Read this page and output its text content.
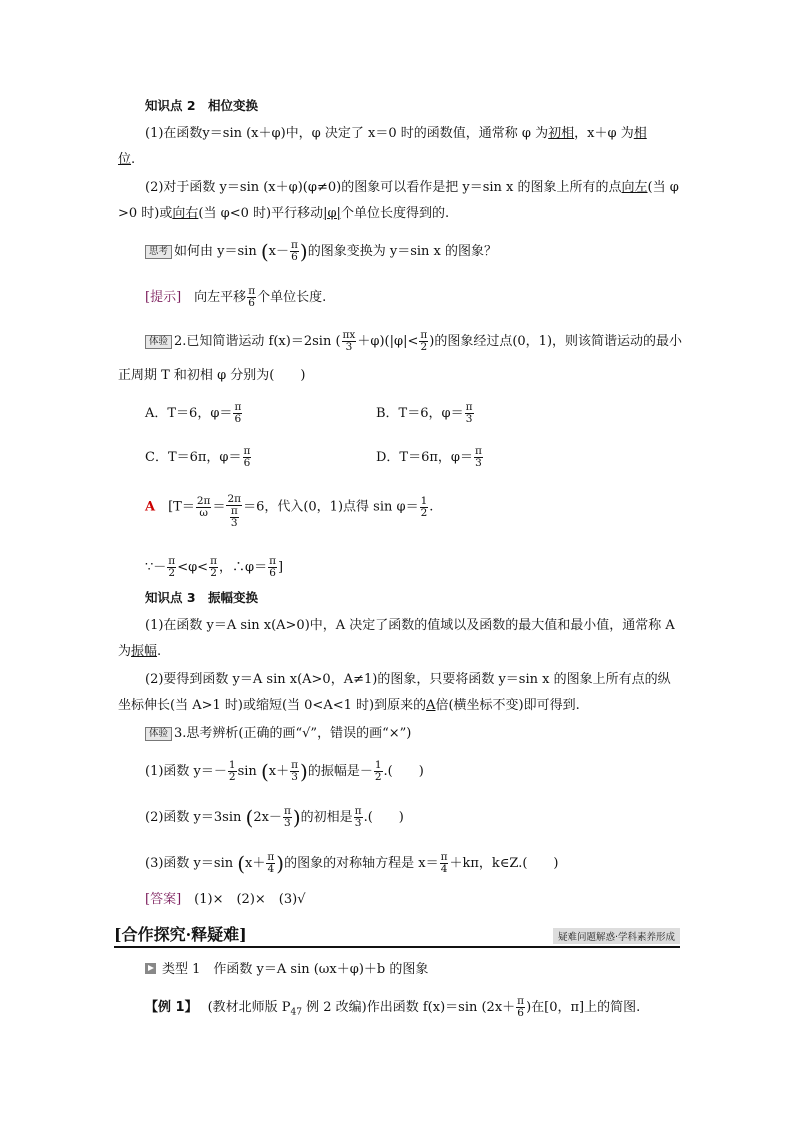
知识点 2　相位变换
(1)在函数y＝sin (x＋φ)中，φ 决定了 x＝0 时的函数值，通常称 φ 为初相，x＋φ 为相
位.
(2)对于函数 y＝sin (x＋φ)(φ≠0)的图象可以看作是把 y＝sin x 的图象上所有的点向左(当 φ
>0 时)或向右(当 φ<0 时)平行移动|φ|个单位长度得到的.
思考 如何由 y＝sin ($x- \frac{\pi}{6}$ )的图象变换为 y＝sin x 的图象？
[提示]　 向左平移 $\frac{\pi}{6}$ 个单位长度.
体验 2.已知简谐运动 f(x)＝2sin ( $\frac{\pi x}{3} +\varphi)(|\varphi|< \frac{\pi}{2}$ )的图象经过点(0，1)，则该简谐运动的最小
正周期 T 和初相 φ 分别为(　　)
A．T＝6，$\varphi= \frac{\pi}{6}$	B．T＝6，$\varphi= \frac{\pi}{3}$
C．T＝6π，$\varphi= \frac{\pi}{6}$	D．T＝6π，$\varphi= \frac{\pi}{3}$
A　 [$T= \frac{2\pi}{\omega} = \frac{2\pi}{\frac{\pi}{3}} =6$，代入(0，1)点得 $\sin \varphi= \frac{1}{2}$ .
∵－ $\frac{\pi}{2} <\varphi< \frac{\pi}{2}$ ，∴φ＝ $\frac{\pi}{6}$ ]
知识点 3　振幅变换
(1)在函数 y＝A sin x(A>0)中，A 决定了函数的值域以及函数的最大值和最小值，通常称 A
为振幅.
(2)要得到函数 y＝A sin x(A>0，A≠1)的图象，只要将函数 y＝sin x 的图象上所有点的纵
坐标伸长(当 A>1 时)或缩短(当 0<A<1 时)到原来的A倍(横坐标不变)即可得到.
体验 3.思考辨析(正确的画“√”，错误的画“×”)
(1)函数 $y=- \frac{1}{2}$ $\sin (x+ \frac{\pi}{3}$ )的振幅是－ $\frac{1}{2}$ .(　　)
(2)函数 y＝3sin ($2x- \frac{\pi}{3}$ )的初相是 $\frac{\pi}{3}$ .(　　)
(3)函数 y＝sin ($x+ \frac{\pi}{4}$ )的图象的对称轴方程是 $x= \frac{\pi}{4} +k\pi$，k∈Z.(　　)
[答案]　 (1)×　(2)×　(3)√
[合作探究·释疑难]	疑难问题解惑·学科素养形成
类型 1　作函数 y＝A sin (ωx＋φ)＋b 的图象
【例 1】 (教材北师版 $P_{47}$ 例 2 改编)作出函数 f(x)＝sin ($2x+ \frac{\pi}{6}$ )在[0，π]上的简图.
